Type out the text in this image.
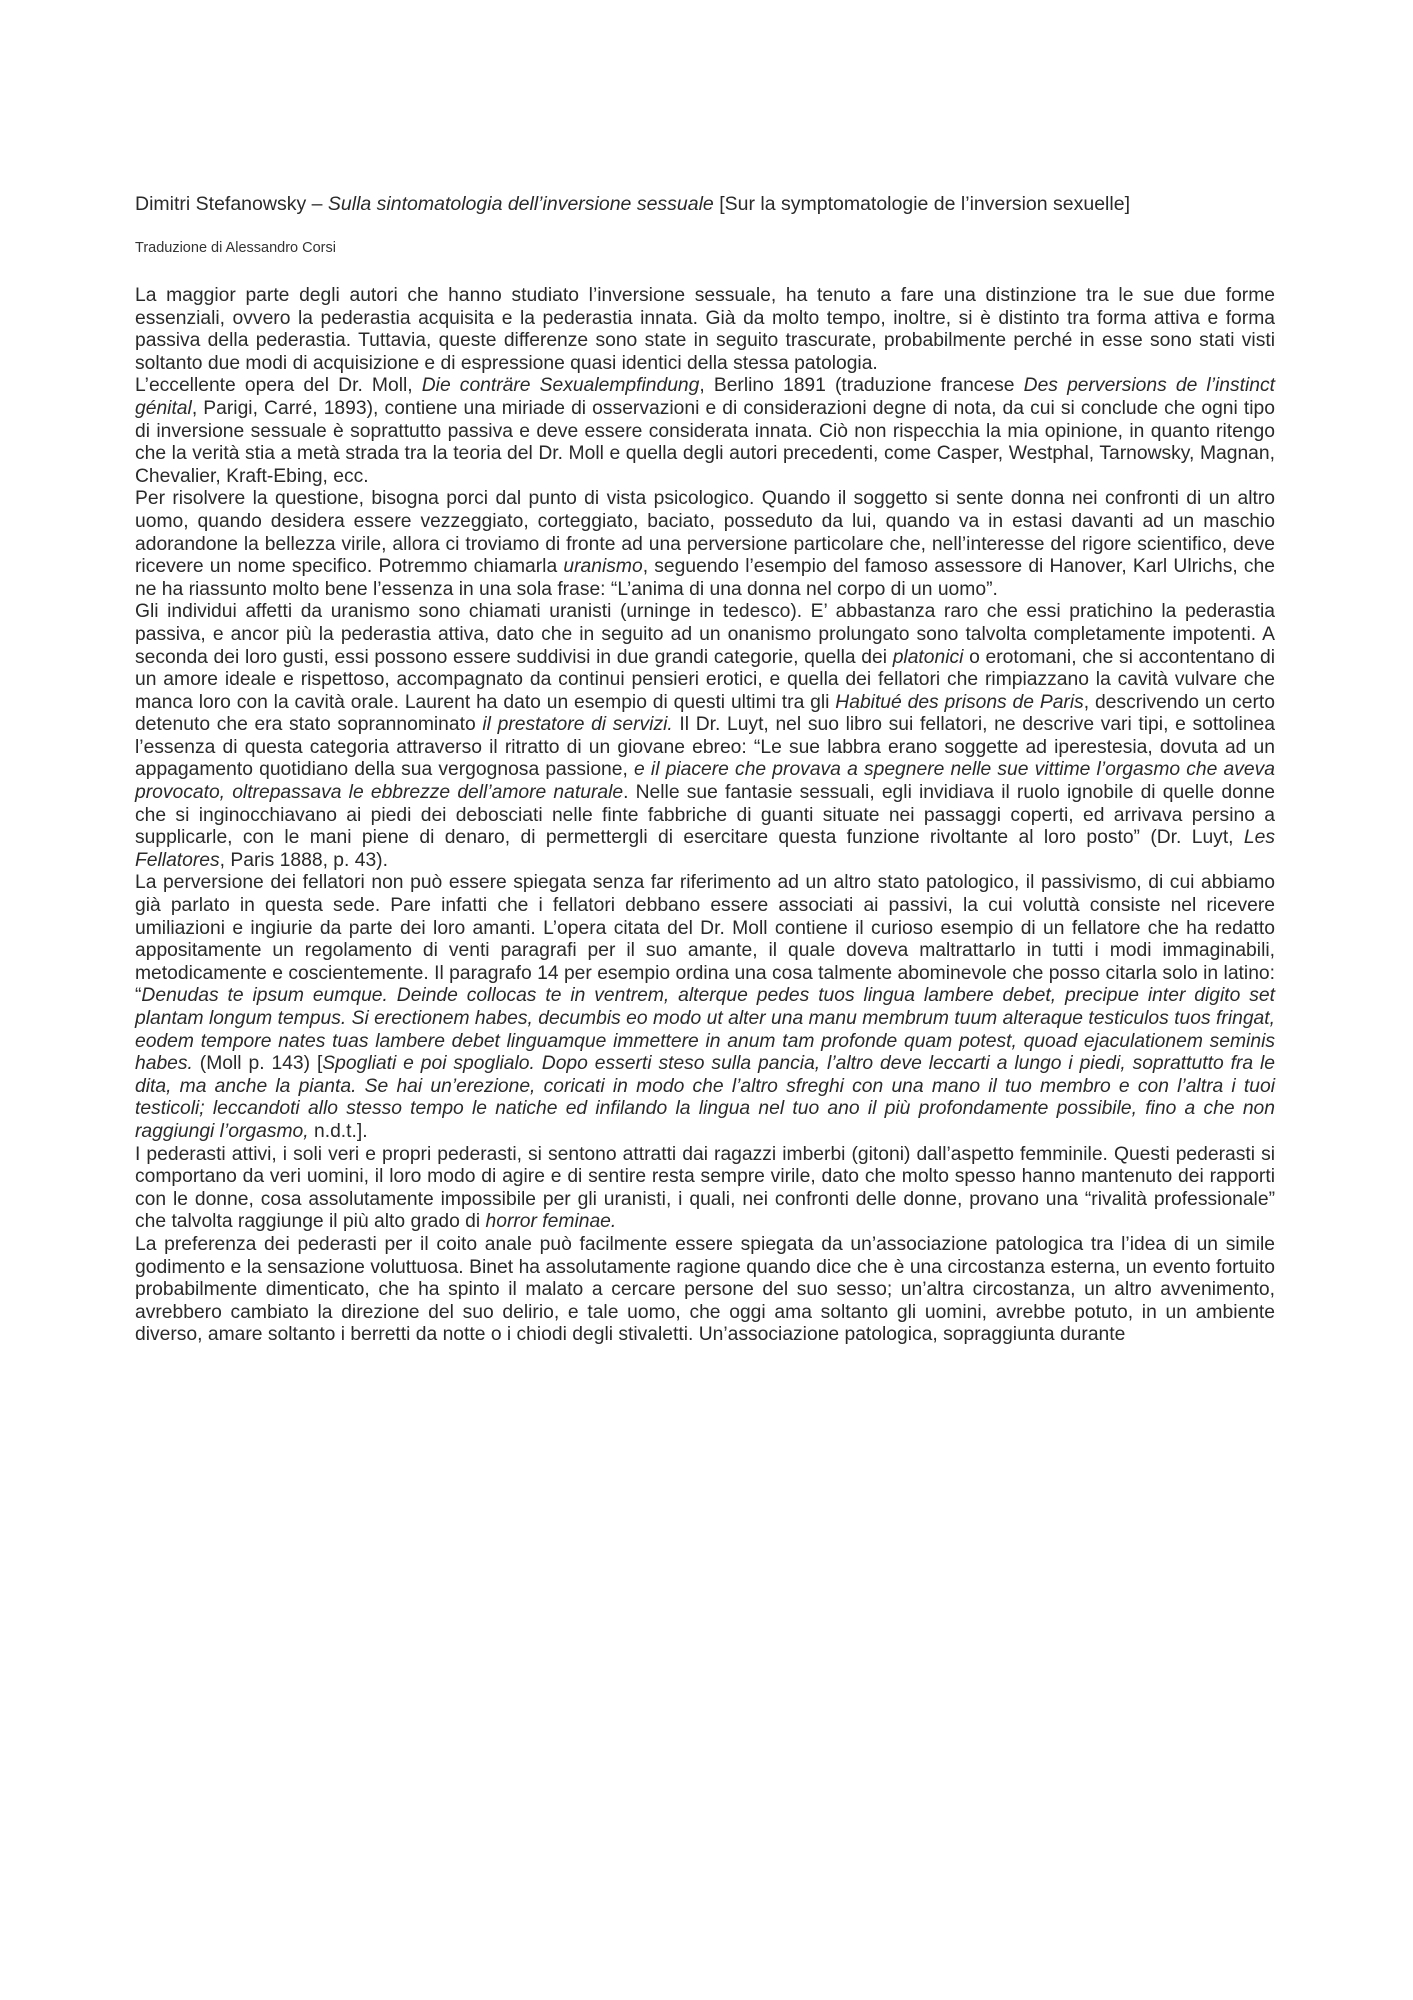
Dimitri Stefanowsky – Sulla sintomatologia dell’inversione sessuale [Sur la symptomatologie de l’inversion sexuelle]
Traduzione di Alessandro Corsi

La maggior parte degli autori che hanno studiato l’inversione sessuale, ha tenuto a fare una distinzione tra le sue due forme essenziali, ovvero la pederastia acquisita e la pederastia innata. Già da molto tempo, inoltre, si è distinto tra forma attiva e forma passiva della pederastia. Tuttavia, queste differenze sono state in seguito trascurate, probabilmente perché in esse sono stati visti soltanto due modi di acquisizione e di espressione quasi identici della stessa patologia.

L’eccellente opera del Dr. Moll, Die conträre Sexualempfindung, Berlino 1891 (traduzione francese Des perversions de l’instinct génital, Parigi, Carré, 1893), contiene una miriade di osservazioni e di considerazioni degne di nota, da cui si conclude che ogni tipo di inversione sessuale è soprattutto passiva e deve essere considerata innata. Ciò non rispecchia la mia opinione, in quanto ritengo che la verità stia a metà strada tra la teoria del Dr. Moll e quella degli autori precedenti, come Casper, Westphal, Tarnowsky, Magnan, Chevalier, Kraft-Ebing, ecc.

Per risolvere la questione, bisogna porci dal punto di vista psicologico. Quando il soggetto si sente donna nei confronti di un altro uomo, quando desidera essere vezzeggiato, corteggiato, baciato, posseduto da lui, quando va in estasi davanti ad un maschio adorandone la bellezza virile, allora ci troviamo di fronte ad una perversione particolare che, nell’interesse del rigore scientifico, deve ricevere un nome specifico. Potremmo chiamarla uranismo, seguendo l’esempio del famoso assessore di Hanover, Karl Ulrichs, che ne ha riassunto molto bene l’essenza in una sola frase: “L’anima di una donna nel corpo di un uomo”.

Gli individui affetti da uranismo sono chiamati uranisti (urninge in tedesco). E’ abbastanza raro che essi pratichino la pederastia passiva, e ancor più la pederastia attiva, dato che in seguito ad un onanismo prolungato sono talvolta completamente impotenti. A seconda dei loro gusti, essi possono essere suddivisi in due grandi categorie, quella dei platonici o erotomani, che si accontentano di un amore ideale e rispettoso, accompagnato da continui pensieri erotici, e quella dei fellatori che rimpiazzano la cavità vulvare che manca loro con la cavità orale. Laurent ha dato un esempio di questi ultimi tra gli Habitué des prisons de Paris, descrivendo un certo detenuto che era stato soprannominato il prestatore di servizi. Il Dr. Luyt, nel suo libro sui fellatori, ne descrive vari tipi, e sottolinea l’essenza di questa categoria attraverso il ritratto di un giovane ebreo: “Le sue labbra erano soggette ad iperestesia, dovuta ad un appagamento quotidiano della sua vergognosa passione, e il piacere che provava a spegnere nelle sue vittime l’orgasmo che aveva provocato, oltrepassava le ebbrezze dell’amore naturale. Nelle sue fantasie sessuali, egli invidiava il ruolo ignobile di quelle donne che si inginocchiavano ai piedi dei debosciati nelle finte fabbriche di guanti situate nei passaggi coperti, ed arrivava persino a supplicarle, con le mani piene di denaro, di permettergli di esercitare questa funzione rivoltante al loro posto” (Dr. Luyt, Les Fellatores, Paris 1888, p. 43).

La perversione dei fellatori non può essere spiegata senza far riferimento ad un altro stato patologico, il passivismo, di cui abbiamo già parlato in questa sede. Pare infatti che i fellatori debbano essere associati ai passivi, la cui voluttà consiste nel ricevere umiliazioni e ingiurie da parte dei loro amanti. L’opera citata del Dr. Moll contiene il curioso esempio di un fellatore che ha redatto appositamente un regolamento di venti paragrafi per il suo amante, il quale doveva maltrattarlo in tutti i modi immaginabili, metodicamente e coscientemente. Il paragrafo 14 per esempio ordina una cosa talmente abominevole che posso citarla solo in latino: “Denudas te ipsum eumque. Deinde collocas te in ventrem, alterque pedes tuos lingua lambere debet, precipue inter digito set plantam longum tempus. Si erectionem habes, decumbis eo modo ut alter una manu membrum tuum alteraque testiculos tuos fringat, eodem tempore nates tuas lambere debet linguamque immettere in anum tam profonde quam potest, quoad ejaculationem seminis habes. (Moll p. 143) [Spogliati e poi spoglialo. Dopo esserti steso sulla pancia, l’altro deve leccarti a lungo i piedi, soprattutto fra le dita, ma anche la pianta. Se hai un’erezione, coricati in modo che l’altro sfreghi con una mano il tuo membro e con l’altra i tuoi testicoli; leccandoti allo stesso tempo le natiche ed infilando la lingua nel tuo ano il più profondamente possibile, fino a che non raggiungi l’orgasmo, n.d.t.].

I pederasti attivi, i soli veri e propri pederasti, si sentono attratti dai ragazzi imberbi (gitoni) dall’aspetto femminile. Questi pederasti si comportano da veri uomini, il loro modo di agire e di sentire resta sempre virile, dato che molto spesso hanno mantenuto dei rapporti con le donne, cosa assolutamente impossibile per gli uranisti, i quali, nei confronti delle donne, provano una “rivalità professionale” che talvolta raggiunge il più alto grado di horror feminae.

La preferenza dei pederasti per il coito anale può facilmente essere spiegata da un’associazione patologica tra l’idea di un simile godimento e la sensazione voluttuosa. Binet ha assolutamente ragione quando dice che è una circostanza esterna, un evento fortuito probabilmente dimenticato, che ha spinto il malato a cercare persone del suo sesso; un’altra circostanza, un altro avvenimento, avrebbero cambiato la direzione del suo delirio, e tale uomo, che oggi ama soltanto gli uomini, avrebbe potuto, in un ambiente diverso, amare soltanto i berretti da notte o i chiodi degli stivaletti. Un’associazione patologica, sopraggiunta durante
